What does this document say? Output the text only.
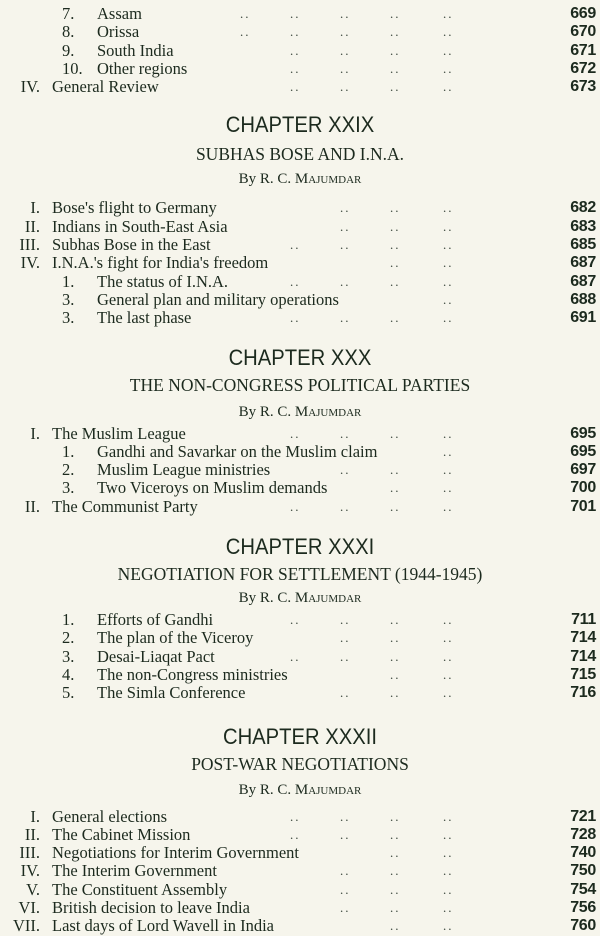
7. Assam	669
..	..	..	..	..
8. Orissa	670
..	..	..	..	..
9. South India	671
..	..	..	..
10. Other regions	672
..	..	..	..
IV. General Review	673
..	..	..	..
CHAPTER XXIX
SUBHAS BOSE AND I.N.A.
By R. C. Majumdar
I. Bose's flight to Germany	682
..	..	..
II. Indians in South-East Asia	683
..	..	..
III. Subhas Bose in the East	685
..	..	..	..
IV. I.N.A.'s fight for India's freedom	687
..	..
1. The status of I.N.A.	687
..	..	..	..
3. General plan and military operations	688
..
3. The last phase	691
..	..	..	..
CHAPTER XXX
THE NON-CONGRESS POLITICAL PARTIES
By R. C. Majumdar
I. The Muslim League	695
..	..	..	..
1. Gandhi and Savarkar on the Muslim claim	695
..
2. Muslim League ministries	697
..	..	..
3. Two Viceroys on Muslim demands	700
..	..
II. The Communist Party	701
..	..	..	..
CHAPTER XXXI
NEGOTIATION FOR SETTLEMENT (1944-1945)
By R. C. Majumdar
1. Efforts of Gandhi	711
..	..	..	..
2. The plan of the Viceroy	714
..	..	..
3. Desai-Liaqat Pact	714
..	..	..	..
4. The non-Congress ministries	715
..	..
5. The Simla Conference	716
..	..	..
CHAPTER XXXII
POST-WAR NEGOTIATIONS
By R. C. Majumdar
I. General elections	721
..	..	..	..
II. The Cabinet Mission	728
..	..	..	..
III. Negotiations for Interim Government	740
..	..
IV. The Interim Government	750
..	..	..
V. The Constituent Assembly	754
..	..	..
VI. British decision to leave India	756
..	..	..
VII. Last days of Lord Wavell in India	760
..	..
